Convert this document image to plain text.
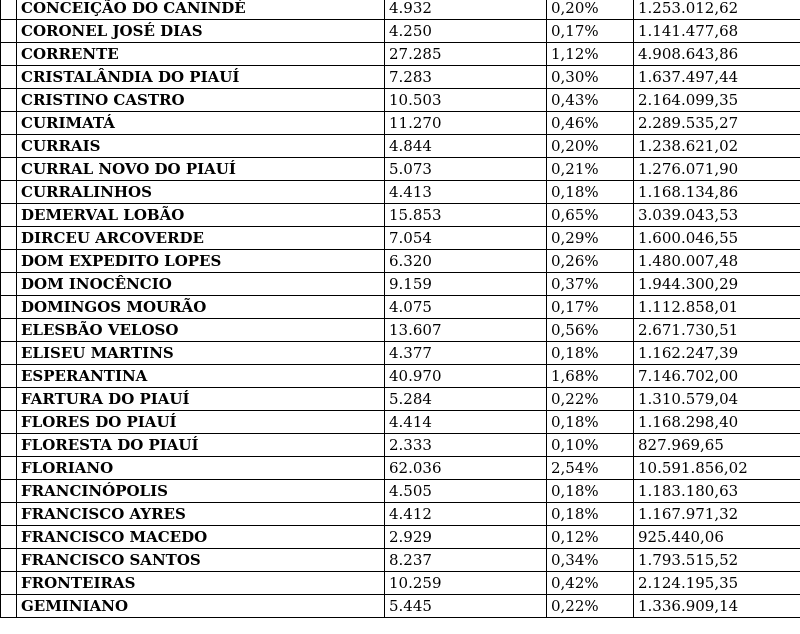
	CONCEIÇÃO DO CANINDÉ	4.932	0,20%	1.253.012,62
	CORONEL JOSÉ DIAS	4.250	0,17%	1.141.477,68
	CORRENTE	27.285	1,12%	4.908.643,86
	CRISTALÂNDIA DO PIAUÍ	7.283	0,30%	1.637.497,44
	CRISTINO CASTRO	10.503	0,43%	2.164.099,35
	CURIMATÁ	11.270	0,46%	2.289.535,27
	CURRAIS	4.844	0,20%	1.238.621,02
	CURRAL NOVO DO PIAUÍ	5.073	0,21%	1.276.071,90
	CURRALINHOS	4.413	0,18%	1.168.134,86
	DEMERVAL LOBÃO	15.853	0,65%	3.039.043,53
	DIRCEU ARCOVERDE	7.054	0,29%	1.600.046,55
	DOM EXPEDITO LOPES	6.320	0,26%	1.480.007,48
	DOM INOCÊNCIO	9.159	0,37%	1.944.300,29
	DOMINGOS MOURÃO	4.075	0,17%	1.112.858,01
	ELESBÃO VELOSO	13.607	0,56%	2.671.730,51
	ELISEU MARTINS	4.377	0,18%	1.162.247,39
	ESPERANTINA	40.970	1,68%	7.146.702,00
	FARTURA DO PIAUÍ	5.284	0,22%	1.310.579,04
	FLORES DO PIAUÍ	4.414	0,18%	1.168.298,40
	FLORESTA DO PIAUÍ	2.333	0,10%	827.969,65
	FLORIANO	62.036	2,54%	10.591.856,02
	FRANCINÓPOLIS	4.505	0,18%	1.183.180,63
	FRANCISCO AYRES	4.412	0,18%	1.167.971,32
	FRANCISCO MACEDO	2.929	0,12%	925.440,06
	FRANCISCO SANTOS	8.237	0,34%	1.793.515,52
	FRONTEIRAS	10.259	0,42%	2.124.195,35
	GEMINIANO	5.445	0,22%	1.336.909,14
